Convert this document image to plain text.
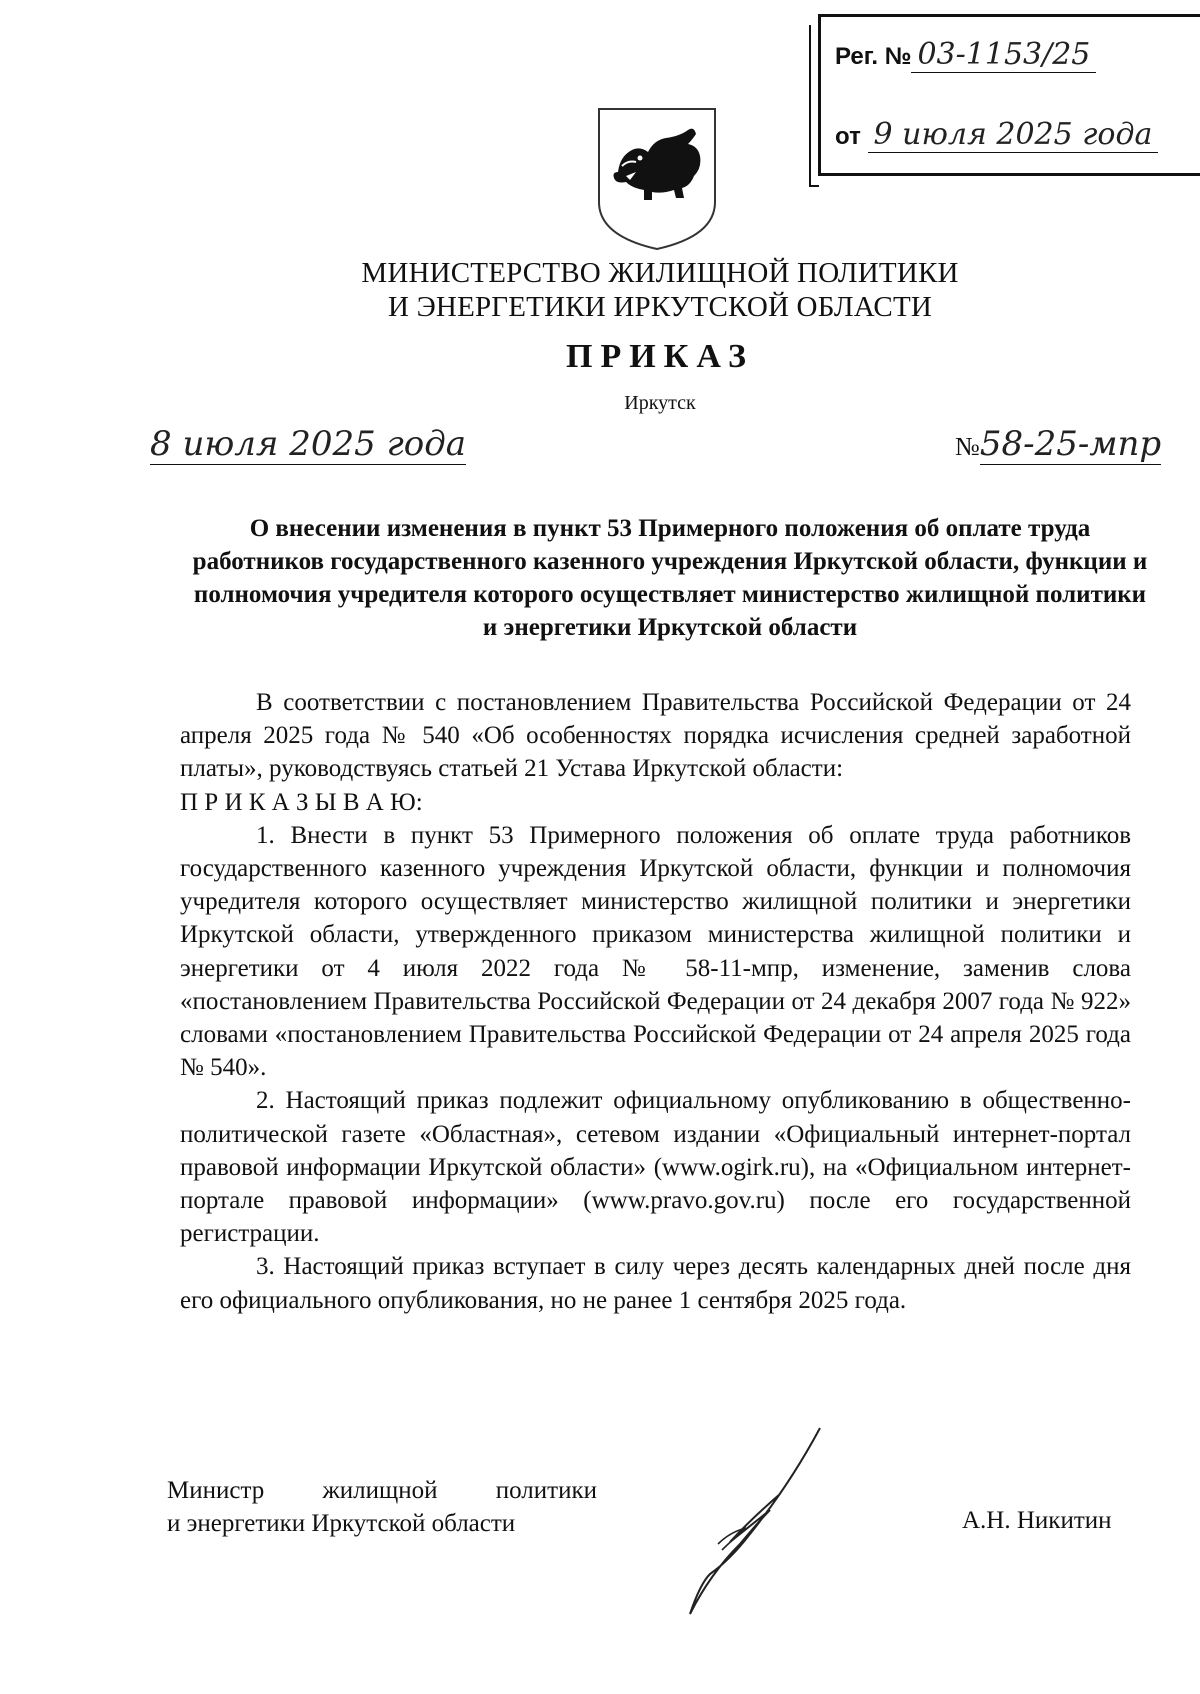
Рег. № 03-1153/25
от 9 июля 2025 года
МИНИСТЕРСТВО ЖИЛИЩНОЙ ПОЛИТИКИ
И ЭНЕРГЕТИКИ ИРКУТСКОЙ ОБЛАСТИ
ПРИКАЗ
Иркутск
8 июля 2025 года	№58-25-мпр
О внесении изменения в пункт 53 Примерного положения об оплате труда работников государственного казенного учреждения Иркутской области, функции и полномочия учредителя которого осуществляет министерство жилищной политики и энергетики Иркутской области

В соответствии с постановлением Правительства Российской Федерации от 24 апреля 2025 года № 540 «Об особенностях порядка исчисления средней заработной платы», руководствуясь статьей 21 Устава Иркутской области:

П Р И К А З Ы В А Ю:

1. Внести в пункт 53 Примерного положения об оплате труда работников государственного казенного учреждения Иркутской области, функции и полномочия учредителя которого осуществляет министерство жилищной политики и энергетики Иркутской области, утвержденного приказом министерства жилищной политики и энергетики от 4 июля 2022 года № 58-11-мпр, изменение, заменив слова «постановлением Правительства Российской Федерации от 24 декабря 2007 года № 922» словами «постановлением Правительства Российской Федерации от 24 апреля 2025 года № 540».

2. Настоящий приказ подлежит официальному опубликованию в общественно-политической газете «Областная», сетевом издании «Официальный интернет-портал правовой информации Иркутской области» (www.ogirk.ru), на «Официальном интернет-портале правовой информации» (www.pravo.gov.ru) после его государственной регистрации.

3. Настоящий приказ вступает в силу через десять календарных дней после дня его официального опубликования, но не ранее 1 сентября 2025 года.

Министр жилищной политики
и энергетики Иркутской области	А.Н. Никитин
